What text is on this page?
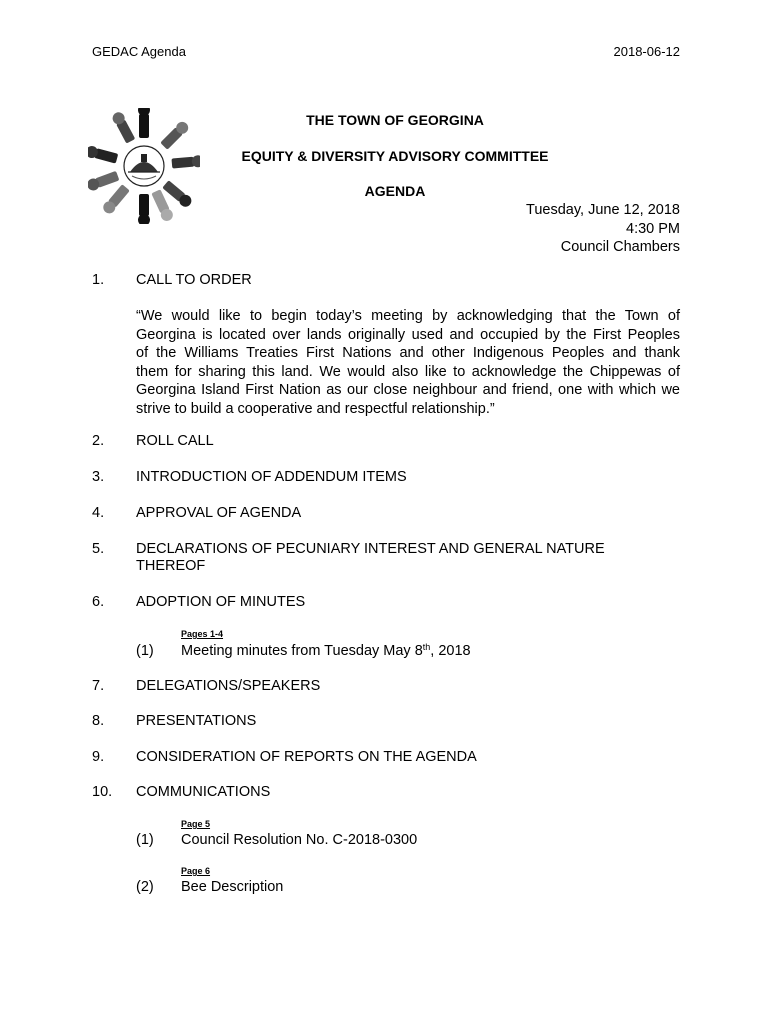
GEDAC Agenda	2018-06-12
THE TOWN OF GEORGINA
EQUITY & DIVERSITY ADVISORY COMMITTEE
AGENDA
Tuesday, June 12, 2018
4:30 PM
Council Chambers
1. CALL TO ORDER
“We would like to begin today’s meeting by acknowledging that the Town of
Georgina is located over lands originally used and occupied by the First Peoples
of the Williams Treaties First Nations and other Indigenous Peoples and thank
them for sharing this land. We would also like to acknowledge the Chippewas of
Georgina Island First Nation as our close neighbour and friend, one with which we
strive to build a cooperative and respectful relationship.”
2. ROLL CALL
3. INTRODUCTION OF ADDENDUM ITEMS
4. APPROVAL OF AGENDA
5. DECLARATIONS OF PECUNIARY INTEREST AND GENERAL NATURE
THEREOF
6. ADOPTION OF MINUTES
Pages 1-4
(1) Meeting minutes from Tuesday May 8th, 2018
7. DELEGATIONS/SPEAKERS
8. PRESENTATIONS
9. CONSIDERATION OF REPORTS ON THE AGENDA
10. COMMUNICATIONS
Page 5
(1) Council Resolution No. C-2018-0300
Page 6
(2) Bee Description
